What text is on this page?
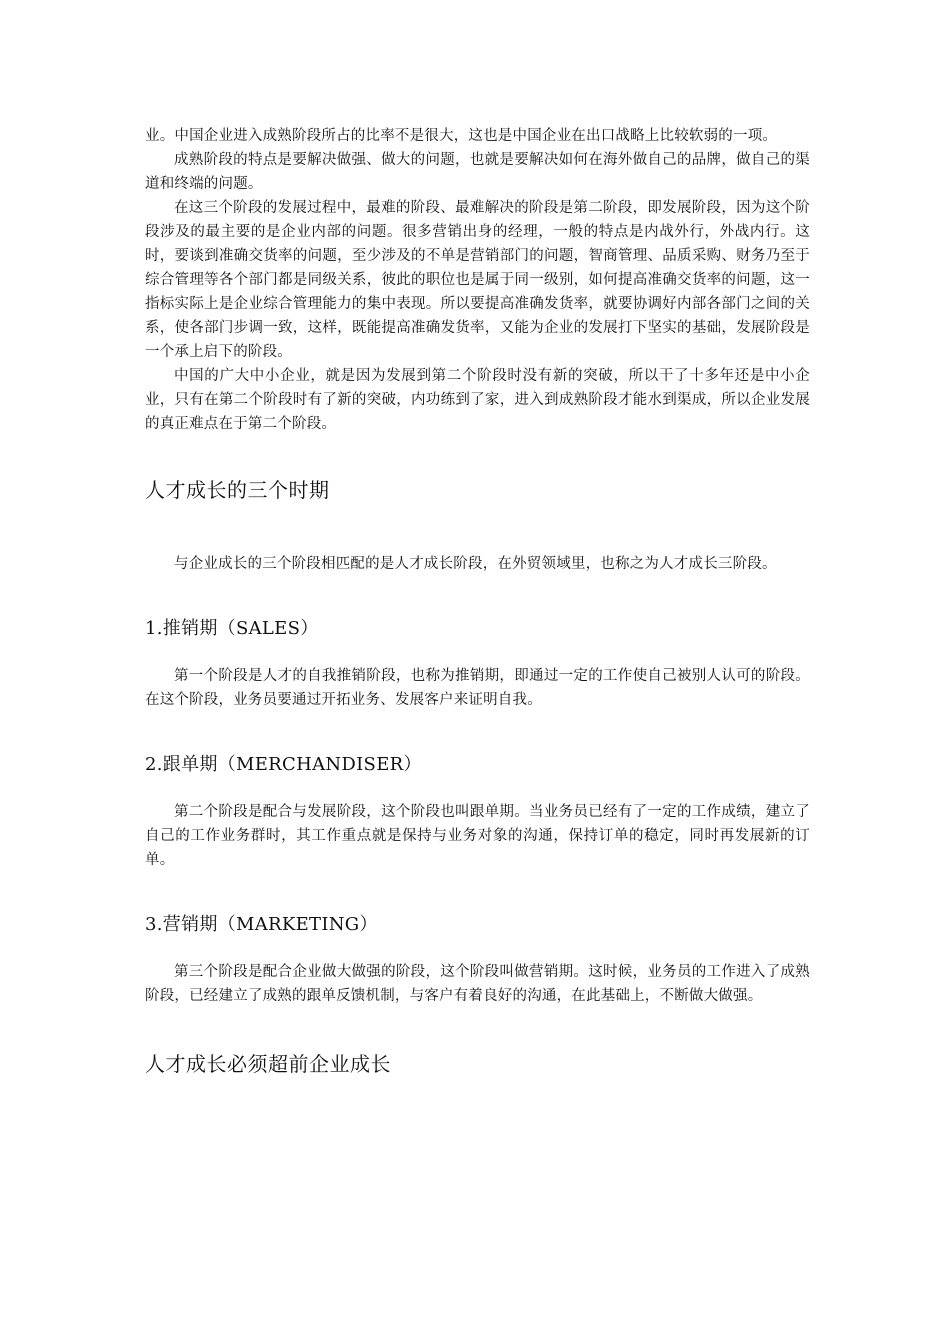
业。中国企业进入成熟阶段所占的比率不是很大，这也是中国企业在出口战略上比较软弱的一项。

成熟阶段的特点是要解决做强、做大的问题，也就是要解决如何在海外做自己的品牌，做自己的渠道和终端的问题。

在这三个阶段的发展过程中，最难的阶段、最难解决的阶段是第二阶段，即发展阶段，因为这个阶段涉及的最主要的是企业内部的问题。很多营销出身的经理，一般的特点是内战外行，外战内行。这时，要谈到准确交货率的问题，至少涉及的不单是营销部门的问题，智商管理、品质采购、财务乃至于综合管理等各个部门都是同级关系，彼此的职位也是属于同一级别，如何提高准确交货率的问题，这一指标实际上是企业综合管理能力的集中表现。所以要提高准确发货率，就要协调好内部各部门之间的关系，使各部门步调一致，这样，既能提高准确发货率，又能为企业的发展打下坚实的基础，发展阶段是一个承上启下的阶段。

中国的广大中小企业，就是因为发展到第二个阶段时没有新的突破，所以干了十多年还是中小企业，只有在第二个阶段时有了新的突破，内功练到了家，进入到成熟阶段才能水到渠成，所以企业发展的真正难点在于第二个阶段。

人才成长的三个时期

与企业成长的三个阶段相匹配的是人才成长阶段，在外贸领域里，也称之为人才成长三阶段。

1.推销期（SALES）

第一个阶段是人才的自我推销阶段，也称为推销期，即通过一定的工作使自己被别人认可的阶段。在这个阶段，业务员要通过开拓业务、发展客户来证明自我。

2.跟单期（MERCHANDISER）

第二个阶段是配合与发展阶段，这个阶段也叫跟单期。当业务员已经有了一定的工作成绩，建立了自己的工作业务群时，其工作重点就是保持与业务对象的沟通，保持订单的稳定，同时再发展新的订单。

3.营销期（MARKETING）

第三个阶段是配合企业做大做强的阶段，这个阶段叫做营销期。这时候，业务员的工作进入了成熟阶段，已经建立了成熟的跟单反馈机制，与客户有着良好的沟通，在此基础上，不断做大做强。

人才成长必须超前企业成长
